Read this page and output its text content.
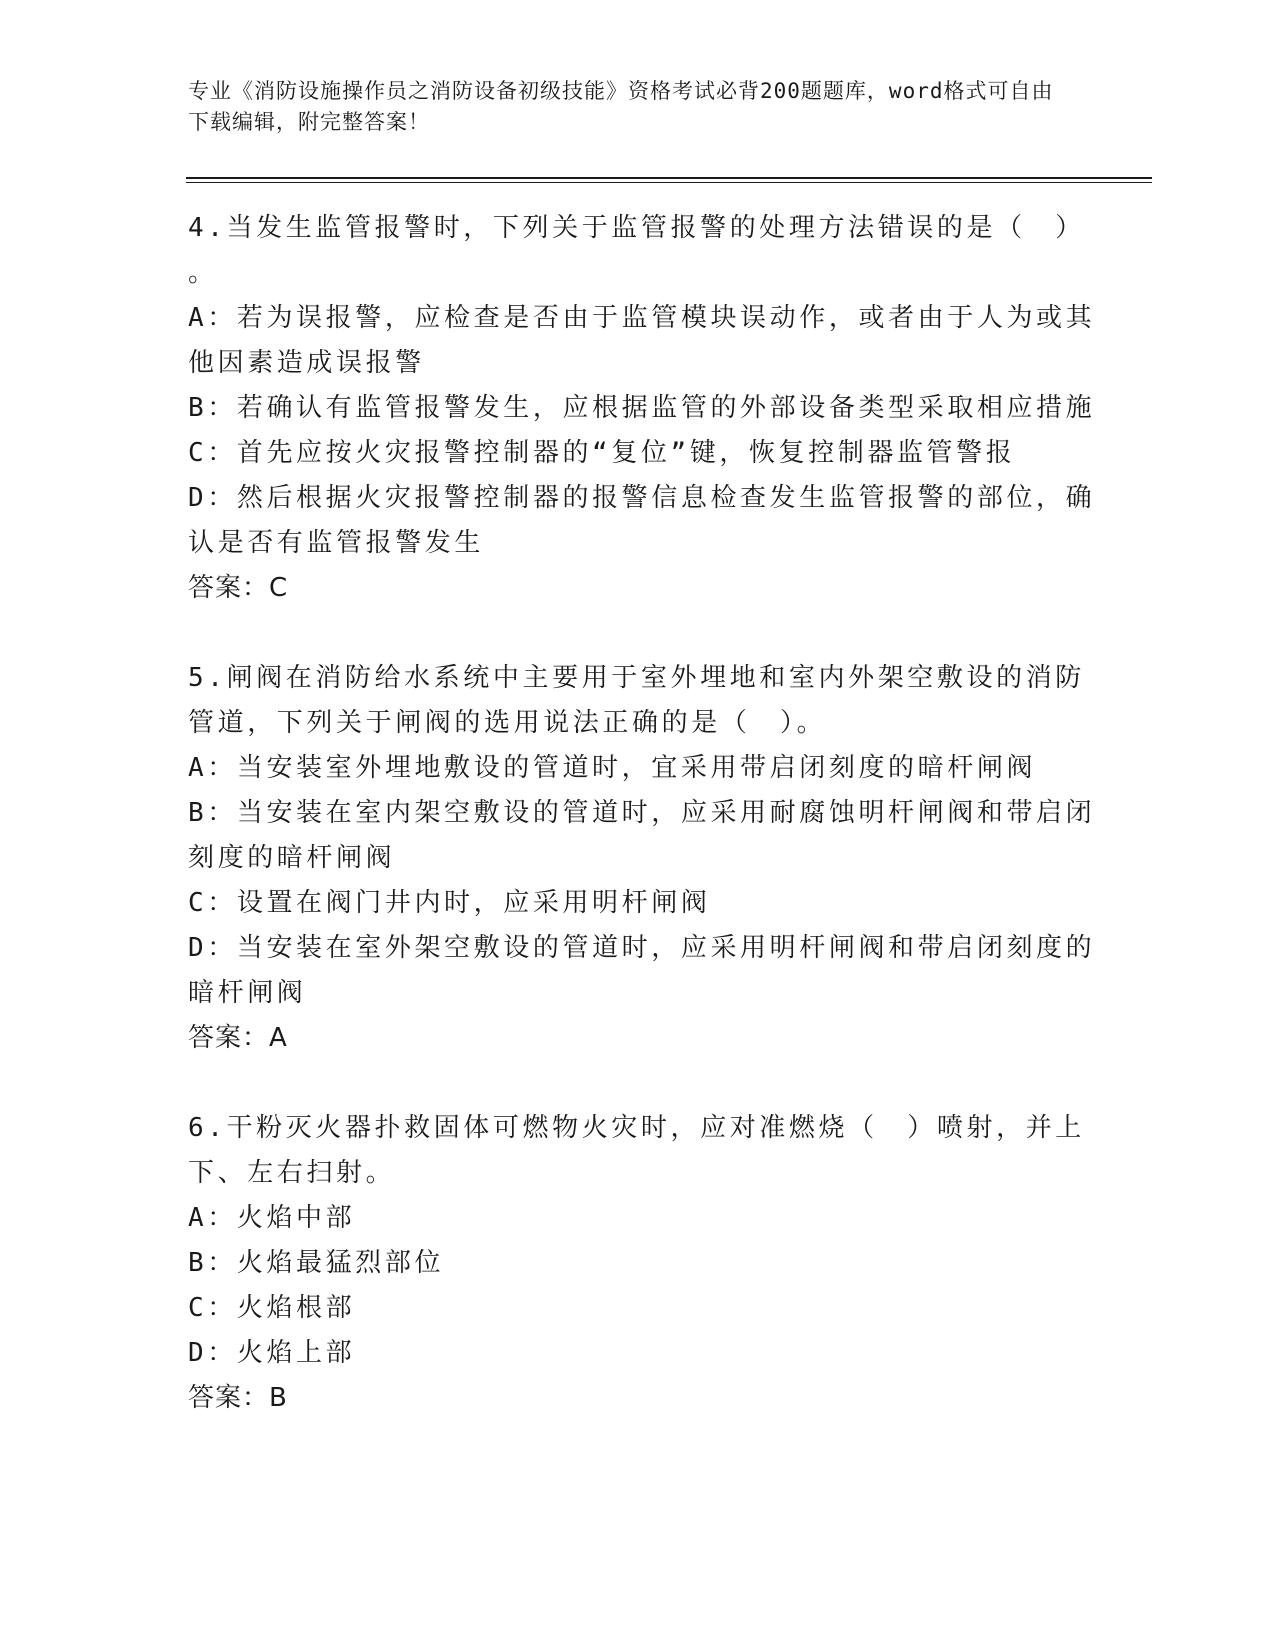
专业《消防设施操作员之消防设备初级技能》资格考试必背200题题库，word格式可自由下载编辑，附完整答案！
4.当发生监管报警时，下列关于监管报警的处理方法错误的是（　）
。
A：若为误报警，应检查是否由于监管模块误动作，或者由于人为或其
他因素造成误报警
B：若确认有监管报警发生，应根据监管的外部设备类型采取相应措施
C：首先应按火灾报警控制器的“复位”键，恢复控制器监管警报
D：然后根据火灾报警控制器的报警信息检查发生监管报警的部位，确
认是否有监管报警发生
答案：C
5.闸阀在消防给水系统中主要用于室外埋地和室内外架空敷设的消防
管道，下列关于闸阀的选用说法正确的是（　）。
A：当安装室外埋地敷设的管道时，宜采用带启闭刻度的暗杆闸阀
B：当安装在室内架空敷设的管道时，应采用耐腐蚀明杆闸阀和带启闭
刻度的暗杆闸阀
C：设置在阀门井内时，应采用明杆闸阀
D：当安装在室外架空敷设的管道时，应采用明杆闸阀和带启闭刻度的
暗杆闸阀
答案：A
6.干粉灭火器扑救固体可燃物火灾时，应对准燃烧（　）喷射，并上
下、左右扫射。
A：火焰中部
B：火焰最猛烈部位
C：火焰根部
D：火焰上部
答案：B
